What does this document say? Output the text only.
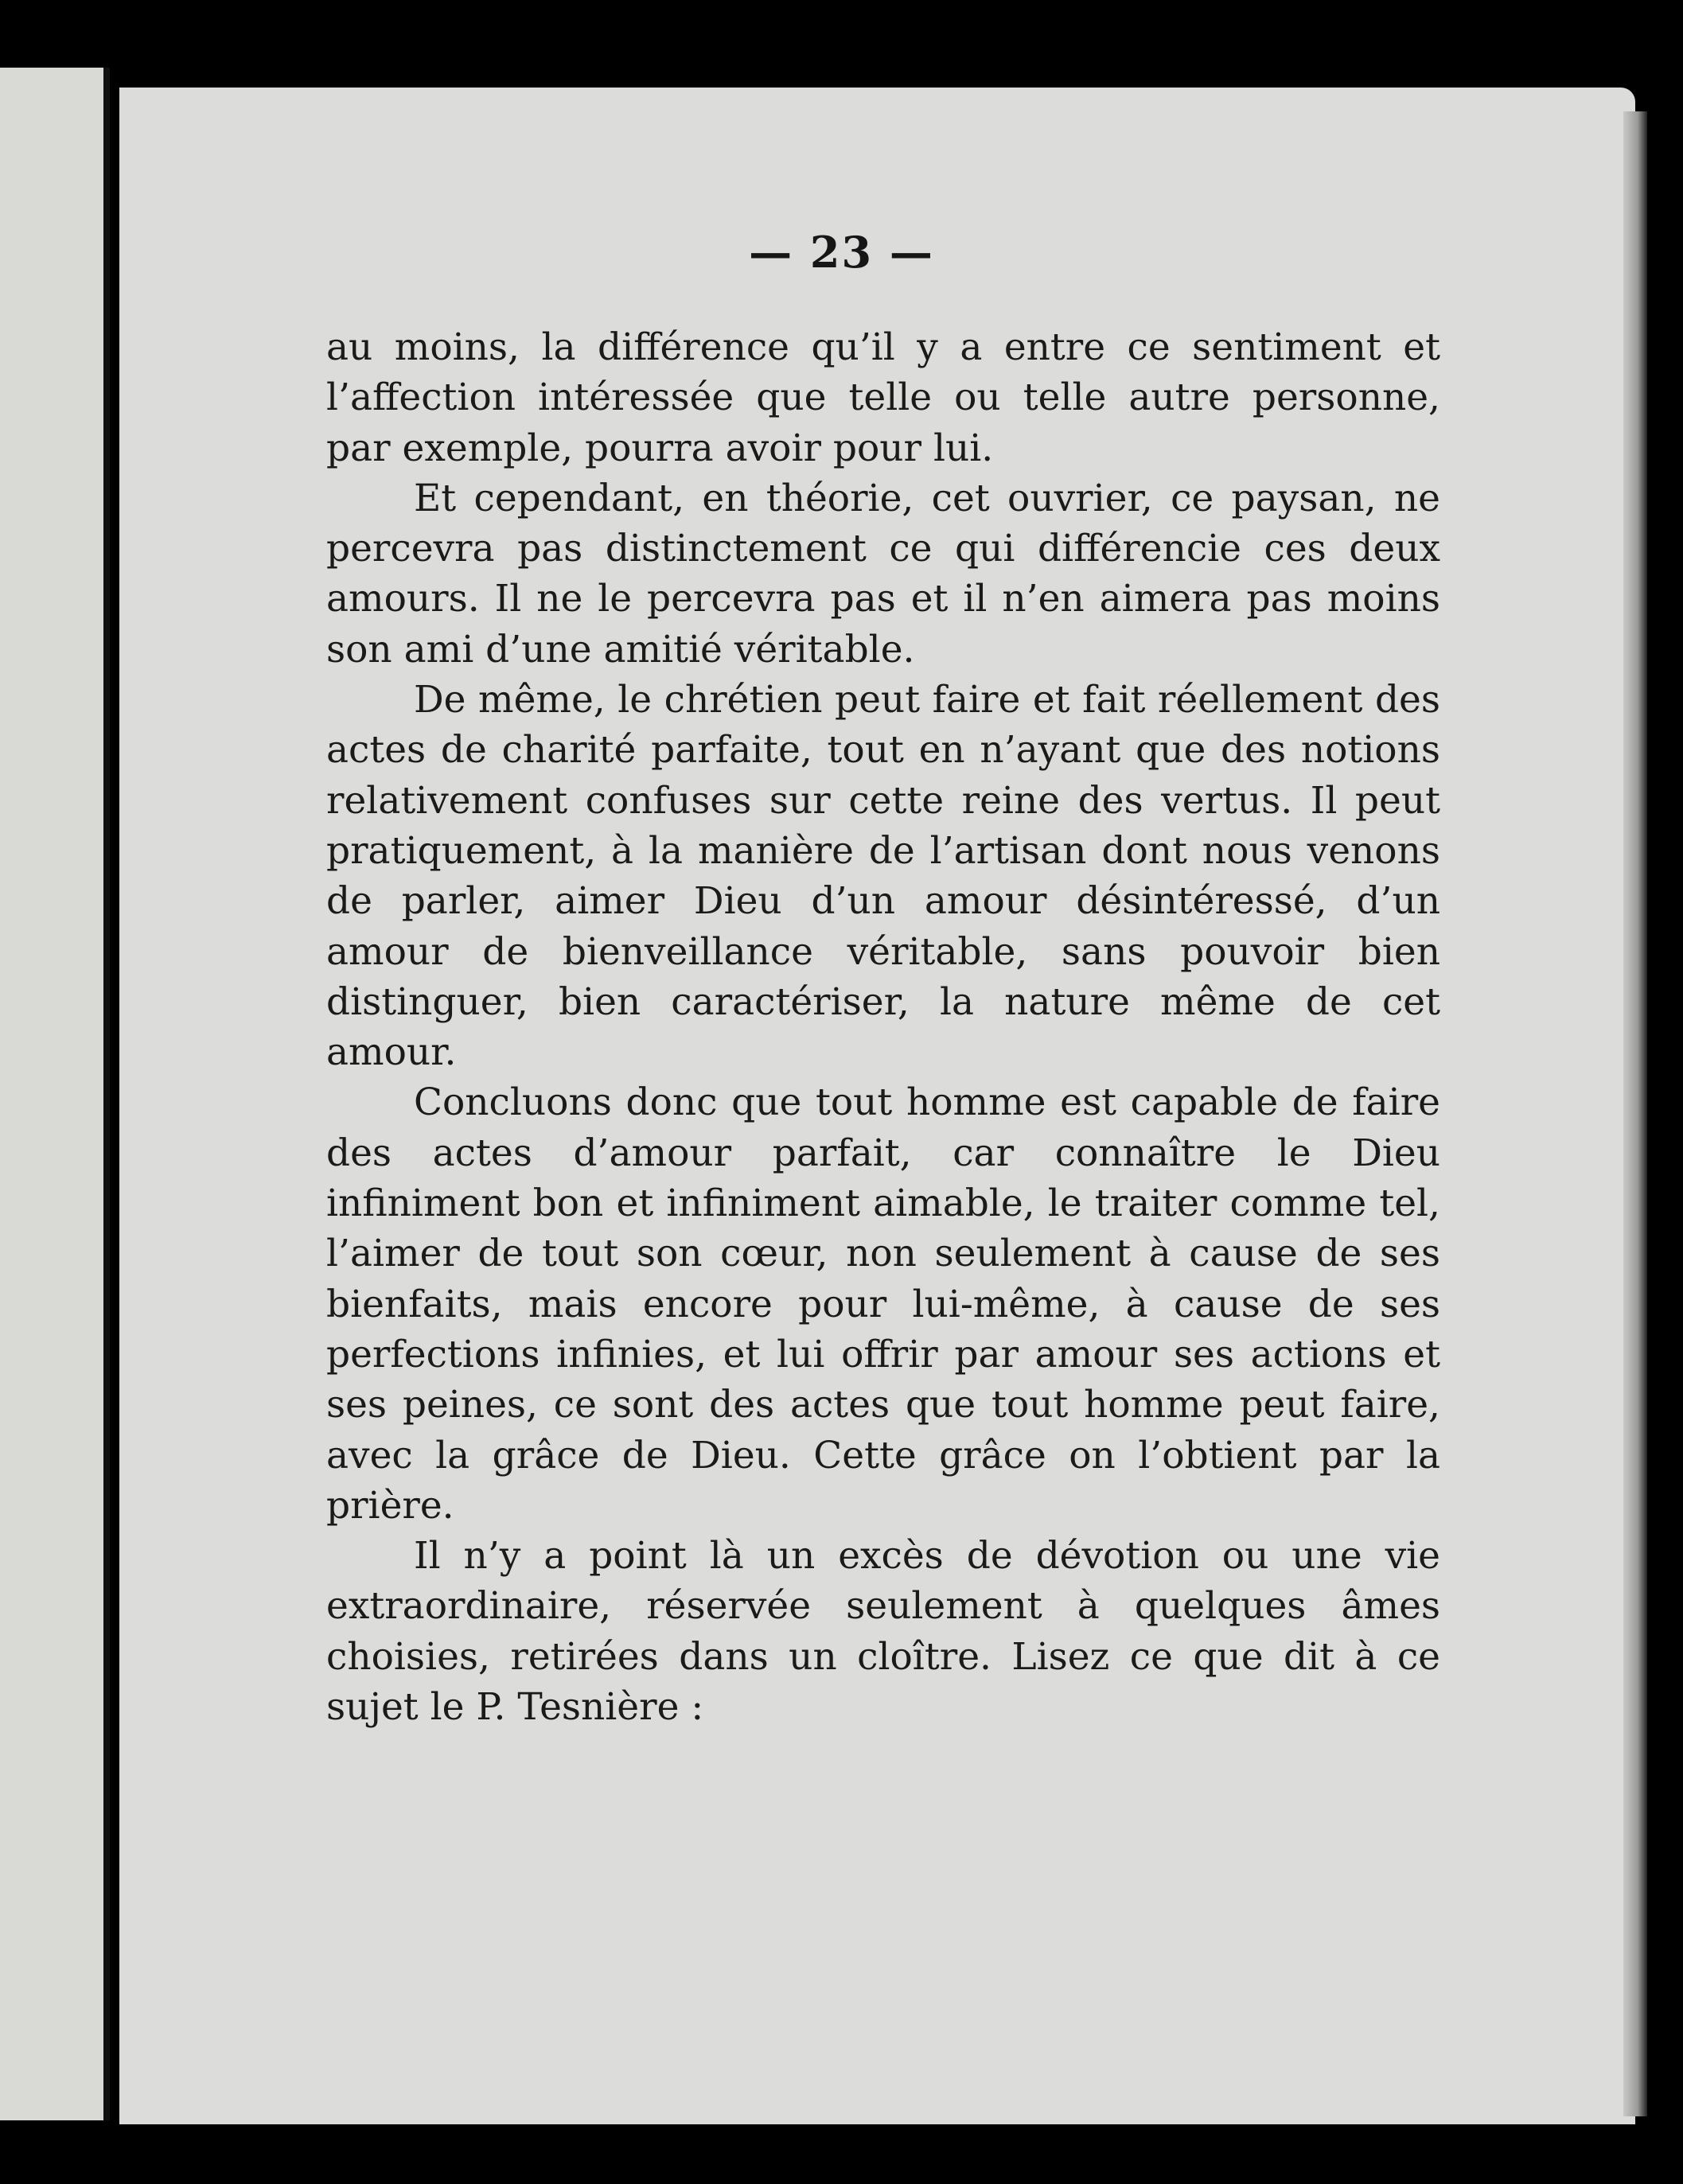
— 23 —

au moins, la différence qu’il y a entre ce sentiment et l’affection intéressée que telle ou telle autre personne, par exemple, pourra avoir pour lui.

Et cependant, en théorie, cet ouvrier, ce paysan, ne percevra pas distinctement ce qui différencie ces deux amours. Il ne le percevra pas et il n’en aimera pas moins son ami d’une amitié véritable.

De même, le chrétien peut faire et fait réellement des actes de charité parfaite, tout en n’ayant que des notions relativement confuses sur cette reine des vertus. Il peut pratiquement, à la manière de l’artisan dont nous venons de parler, aimer Dieu d’un amour désintéressé, d’un amour de bienveillance véritable, sans pouvoir bien distinguer, bien caractériser, la nature même de cet amour.

Concluons donc que tout homme est capable de faire des actes d’amour parfait, car connaître le Dieu infiniment bon et infiniment aimable, le traiter comme tel, l’aimer de tout son cœur, non seulement à cause de ses bienfaits, mais encore pour lui-même, à cause de ses perfections infinies, et lui offrir par amour ses actions et ses peines, ce sont des actes que tout homme peut faire, avec la grâce de Dieu. Cette grâce on l’obtient par la prière.

Il n’y a point là un excès de dévotion ou une vie extraordinaire, réservée seulement à quelques âmes choisies, retirées dans un cloître. Lisez ce que dit à ce sujet le P. Tesnière :
